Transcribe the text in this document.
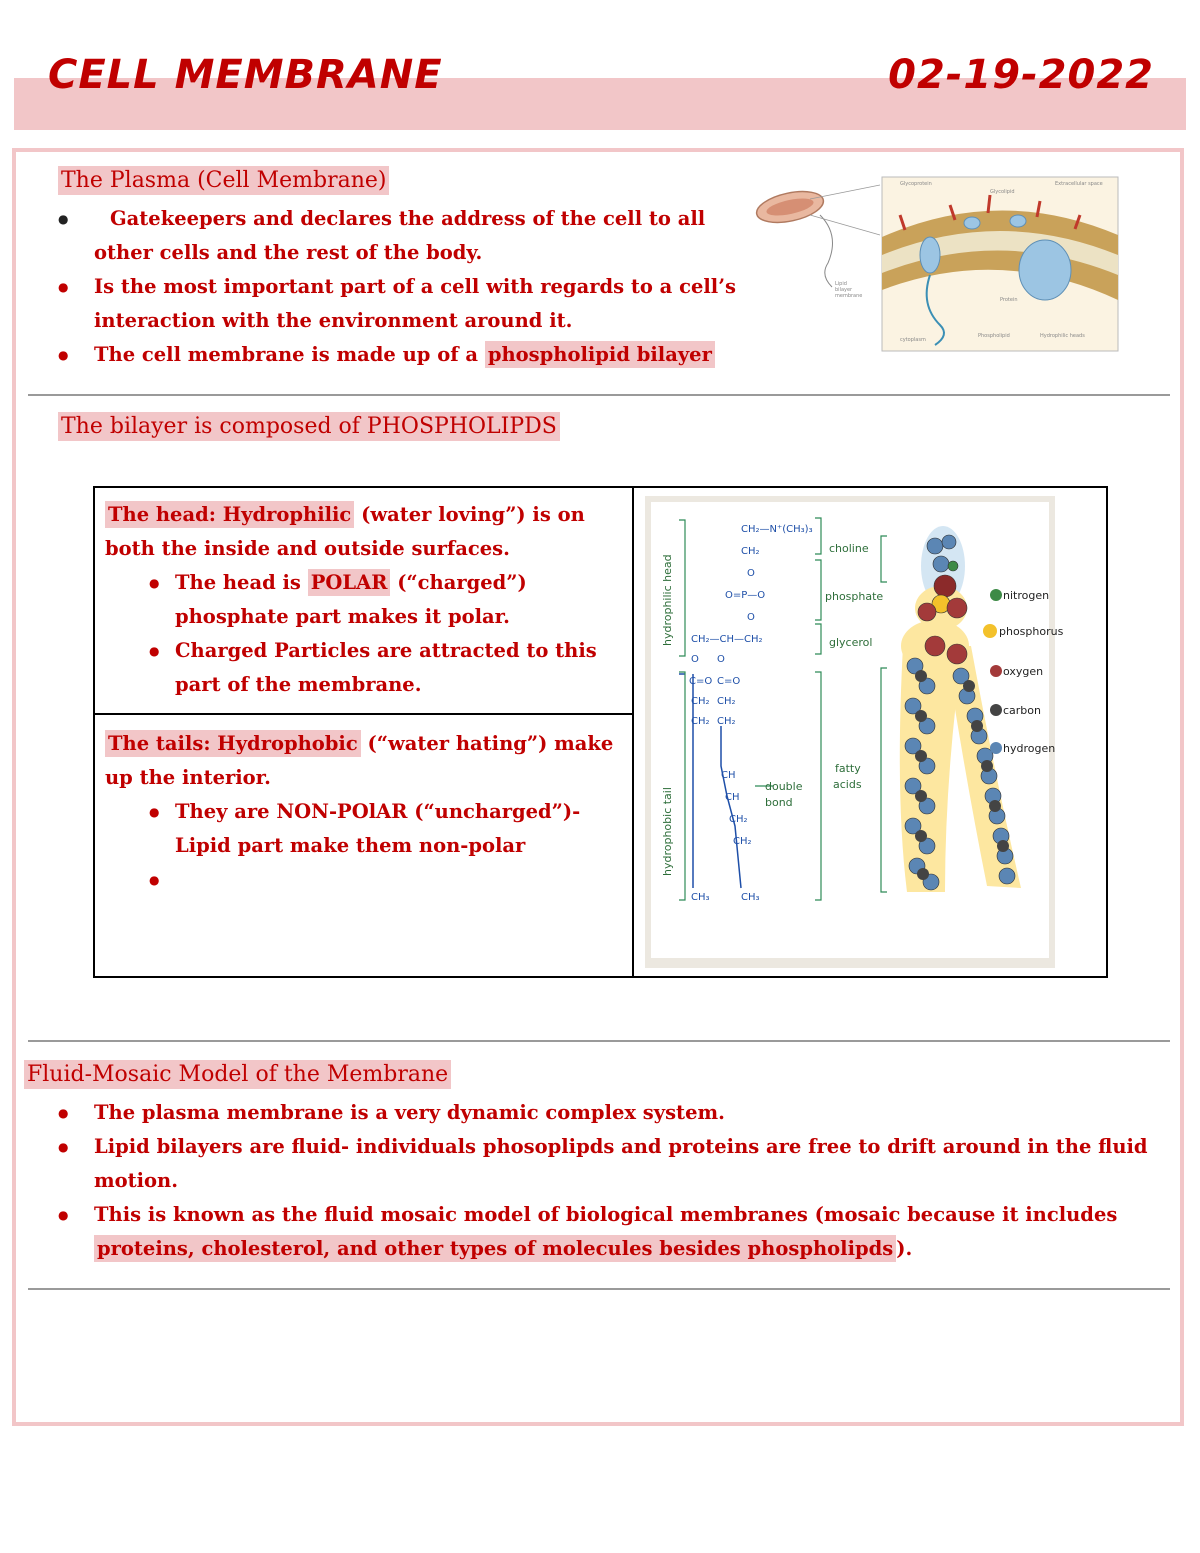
CELL MEMBRANE	02-19-2022
The Plasma (Cell Membrane)
● Gatekeepers and declares the address of the cell to all other cells and the rest of the body.
● Is the most important part of a cell with regards to a cell’s interaction with the environment around it.
● The cell membrane is made up of a phospholipid bilayer
Glycoprotein
Glycolipid
Extracellular space
Lipid
bilayer
membrane
Protein
cytoplasm
Phospholipid	Hydrophilic heads
The bilayer is composed of PHOSPHOLIPDS
The head: Hydrophilic (water loving”) is on both the inside and outside surfaces.
● The head is POLAR (“charged”) phosphate part makes it polar.
● Charged Particles are attracted to this part of the membrane.
The tails: Hydrophobic (“water hating”) make up the interior.
● They are NON-POlAR (“uncharged”)-Lipid part make them non-polar
●
CH₂—N⁺(CH₃)₃
CH₂
O
O=P—O
O
CH₂—CH—CH₂
O O
C=O C=O
CH₂ CH₂
CH₂ CH₂
CH
CH
CH₂
CH₂
CH₃	CH₃
choline
phosphate
glycerol
fatty
acids
double
bond
hydrophilic head
hydrophobic tail
nitrogen
phosphorus
oxygen
carbon
hydrogen
Fluid-Mosaic Model of the Membrane
● The plasma membrane is a very dynamic complex system.
● Lipid bilayers are fluid- individuals phosoplipds and proteins are free to drift around in the fluid motion.
● This is known as the fluid mosaic model of biological membranes (mosaic because it includes proteins, cholesterol, and other types of molecules besides phospholipds ).
